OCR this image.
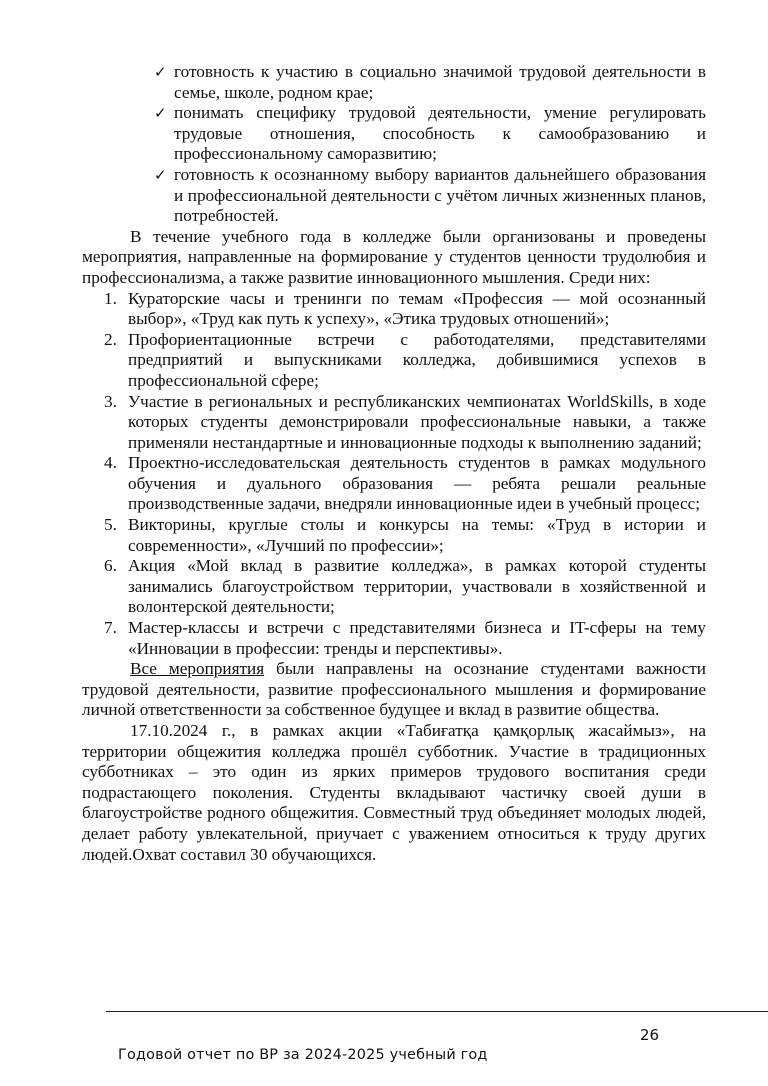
✓ готовность к участию в социально значимой трудовой деятельности в семье, школе, родном крае;
✓ понимать специфику трудовой деятельности, умение регулировать трудовые отношения, способность к самообразованию и профессиональному саморазвитию;
✓ готовность к осознанному выбору вариантов дальнейшего образования и профессиональной деятельности с учётом личных жизненных планов, потребностей.

В течение учебного года в колледже были организованы и проведены мероприятия, направленные на формирование у студентов ценности трудолюбия и профессионализма, а также развитие инновационного мышления. Среди них:

1. Кураторские часы и тренинги по темам «Профессия — мой осознанный выбор», «Труд как путь к успеху», «Этика трудовых отношений»;
2. Профориентационные встречи с работодателями, представителями предприятий и выпускниками колледжа, добившимися успехов в профессиональной сфере;
3. Участие в региональных и республиканских чемпионатах WorldSkills, в ходе которых студенты демонстрировали профессиональные навыки, а также применяли нестандартные и инновационные подходы к выполнению заданий;
4. Проектно-исследовательская деятельность студентов в рамках модульного обучения и дуального образования — ребята решали реальные производственные задачи, внедряли инновационные идеи в учебный процесс;
5. Викторины, круглые столы и конкурсы на темы: «Труд в истории и современности», «Лучший по профессии»;
6. Акция «Мой вклад в развитие колледжа», в рамках которой студенты занимались благоустройством территории, участвовали в хозяйственной и волонтерской деятельности;
7. Мастер-классы и встречи с представителями бизнеса и IT-сферы на тему «Инновации в профессии: тренды и перспективы».

Все мероприятия были направлены на осознание студентами важности трудовой деятельности, развитие профессионального мышления и формирование личной ответственности за собственное будущее и вклад в развитие общества.

17.10.2024 г., в рамках акции «Табиғатқа қамқорлық жасаймыз», на территории общежития колледжа прошёл субботник. Участие в традиционных субботниках – это один из ярких примеров трудового воспитания среди подрастающего поколения. Студенты вкладывают частичку своей души в благоустройстве родного общежития. Совместный труд объединяет молодых людей, делает работу увлекательной, приучает с уважением относиться к труду других людей.Охват составил 30 обучающихся.

26
Годовой отчет по ВР за 2024-2025 учебный год
